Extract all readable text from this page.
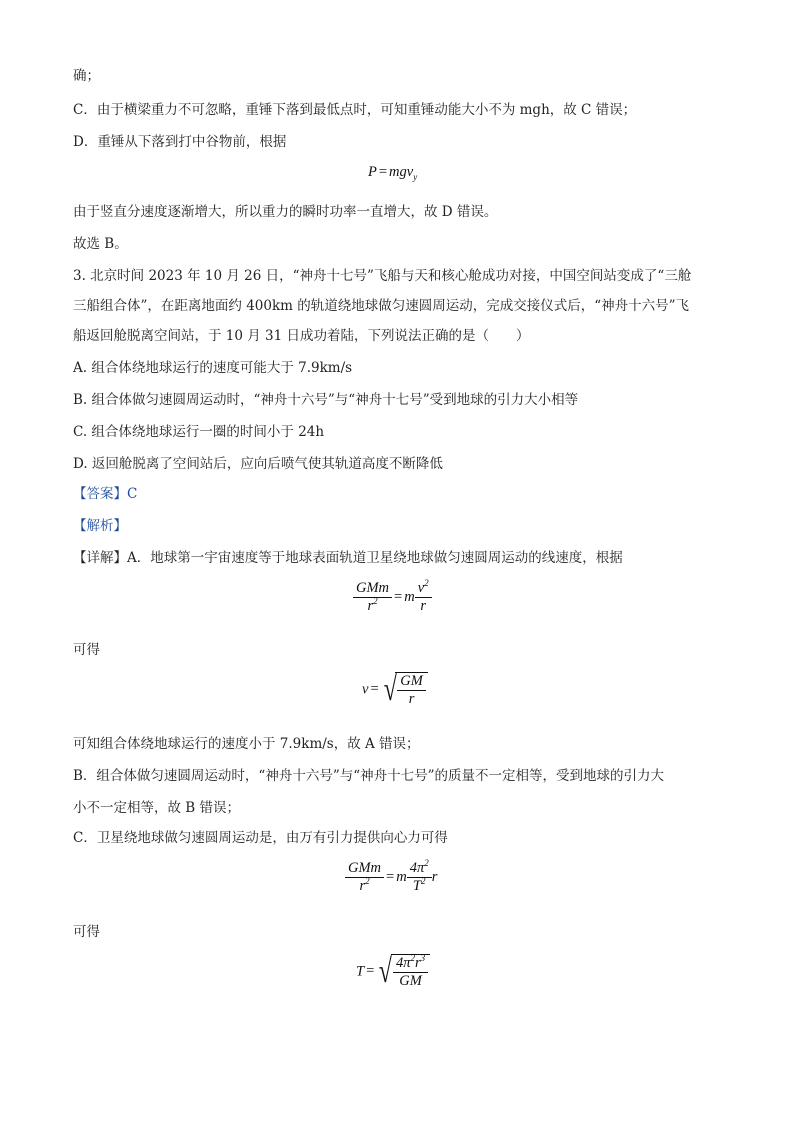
确；
C．由于横梁重力不可忽略，重锤下落到最低点时，可知重锤动能大小不为 mgh，故 C 错误；
D．重锤从下落到打中谷物前，根据
P = mgv$_y$
由于竖直分速度逐渐增大，所以重力的瞬时功率一直增大，故 D 错误。
故选 B。
3. 北京时间 2023 年 10 月 26 日，“神舟十七号”飞船与天和核心舱成功对接，中国空间站变成了“三舱
三船组合体”，在距离地面约 400km 的轨道绕地球做匀速圆周运动，完成交接仪式后，“神舟十六号”飞
船返回舱脱离空间站，于 10 月 31 日成功着陆，下列说法正确的是（　　）
A. 组合体绕地球运行的速度可能大于 7.9km/s
B. 组合体做匀速圆周运动时，“神舟十六号”与“神舟十七号”受到地球的引力大小相等
C. 组合体绕地球运行一圈的时间小于 24h
D. 返回舱脱离了空间站后，应向后喷气使其轨道高度不断降低
【答案】C
【解析】
【详解】A．地球第一宇宙速度等于地球表面轨道卫星绕地球做匀速圆周运动的线速度，根据
$\frac{\text{GMm}}{r^2} = m \frac{v^2}{r}$
可得
v = √ $\frac{GM}{r}$
可知组合体绕地球运行的速度小于 7.9km/s，故 A 错误；
B．组合体做匀速圆周运动时，“神舟十六号”与“神舟十七号”的质量不一定相等，受到地球的引力大
小不一定相等，故 B 错误；
C．卫星绕地球做匀速圆周运动是，由万有引力提供向心力可得
$\frac{\text{GMm}}{r^2} = m \frac{4\pi^2}{T^2}$ r
可得
T = √ $\frac{4\pi^2r^3}{GM}$
